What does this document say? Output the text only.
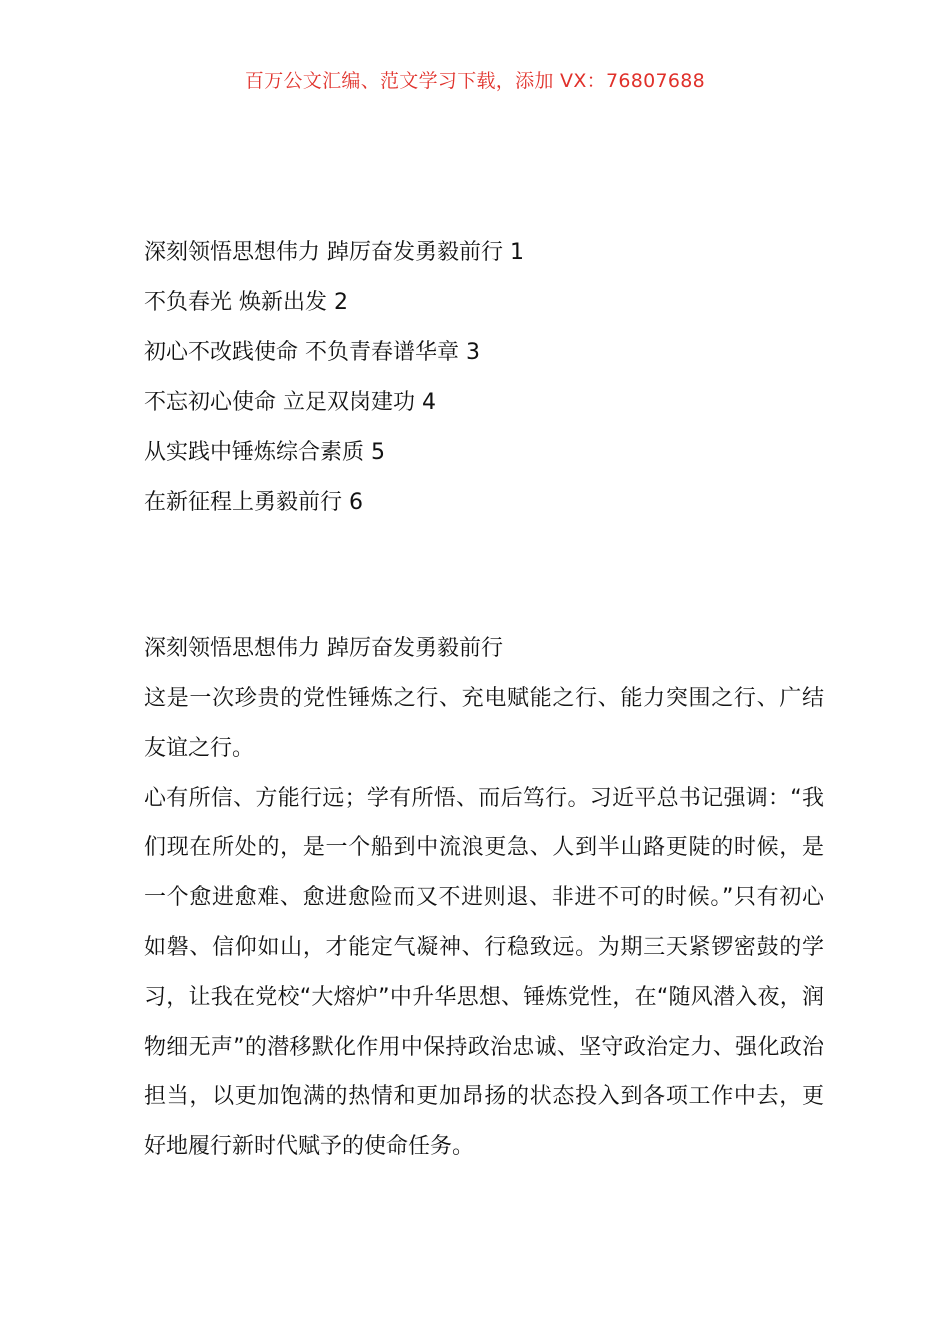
百万公文汇编、范文学习下载，添加 VX：76807688
深刻领悟思想伟力 踔厉奋发勇毅前行 1
不负春光 焕新出发 2
初心不改践使命 不负青春谱华章 3
不忘初心使命 立足双岗建功 4
从实践中锤炼综合素质 5
在新征程上勇毅前行 6
深刻领悟思想伟力 踔厉奋发勇毅前行

这是一次珍贵的党性锤炼之行、充电赋能之行、能力突围之行、广结友谊之行。

心有所信、方能行远；学有所悟、而后笃行。习近平总书记强调：“我们现在所处的，是一个船到中流浪更急、人到半山路更陡的时候，是一个愈进愈难、愈进愈险而又不进则退、非进不可的时候。”只有初心如磐、信仰如山，才能定气凝神、行稳致远。为期三天紧锣密鼓的学习，让我在党校“大熔炉”中升华思想、锤炼党性，在“随风潜入夜，润物细无声”的潜移默化作用中保持政治忠诚、坚守政治定力、强化政治担当，以更加饱满的热情和更加昂扬的状态投入到各项工作中去，更好地履行新时代赋予的使命任务。
